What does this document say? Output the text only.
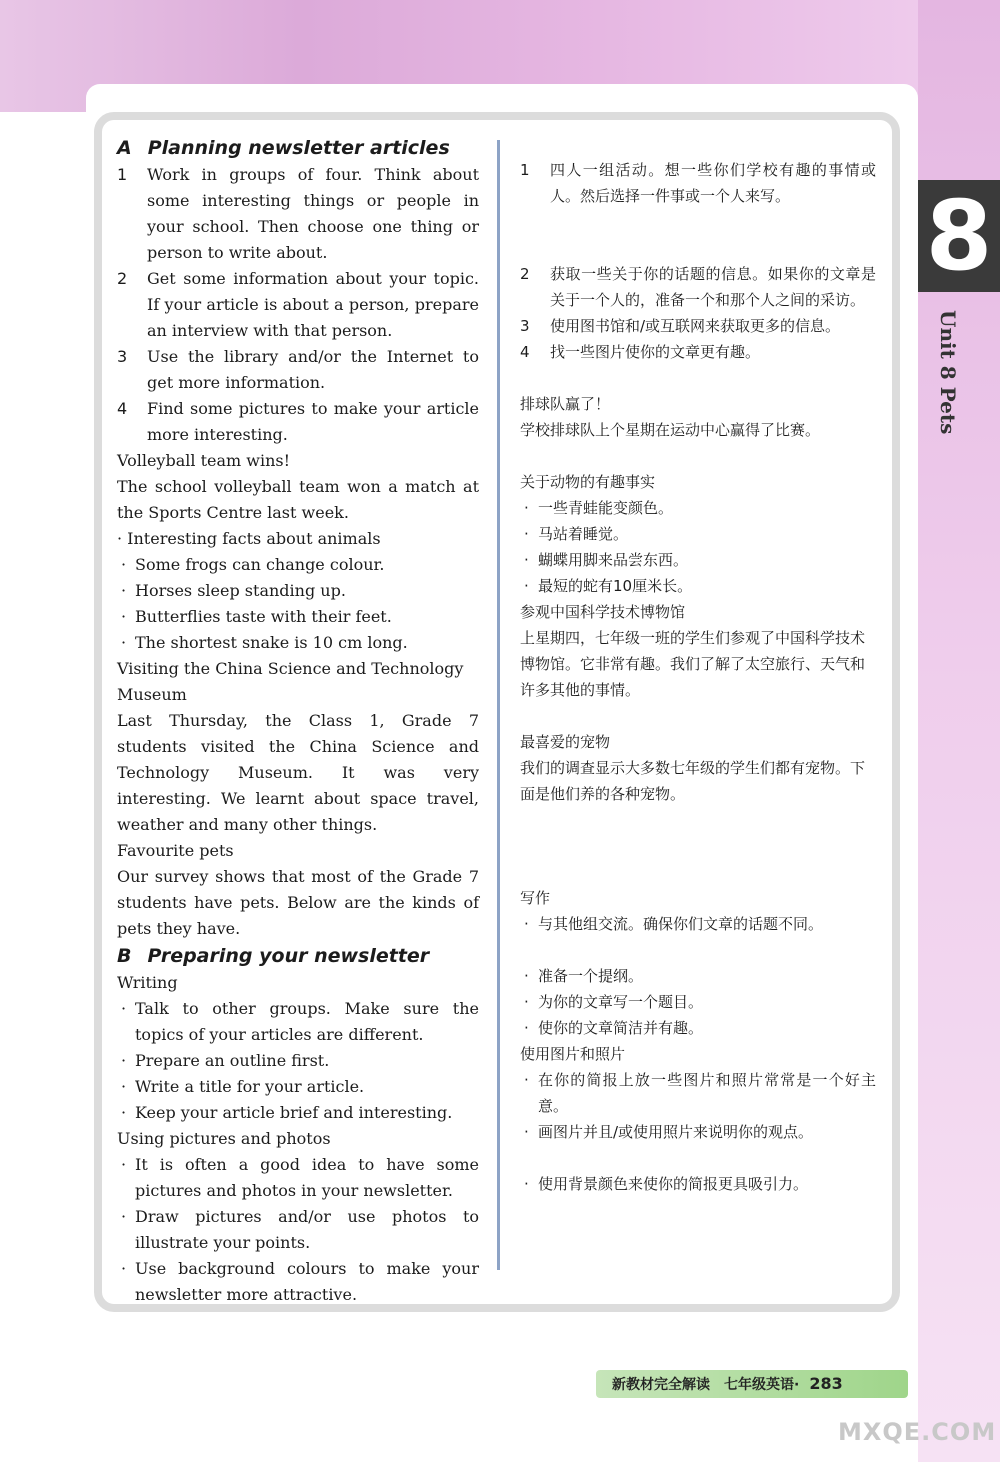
8
Unit 8 Pets
A Planning newsletter articles
1	Work in groups of four. Think about some interesting things or people in your school. Then choose one thing or person to write about.
2	Get some information about your topic. If your article is about a person, prepare an interview with that person.
3	Use the library and/or the Internet to get more information.
4	Find some pictures to make your article more interesting.

Volleyball team wins!

The school volleyball team won a match at the Sports Centre last week.

· Interesting facts about animals

· Some frogs can change colour.
· Horses sleep standing up.
· Butterflies taste with their feet.
· The shortest snake is 10 cm long.

Visiting the China Science and Technology Museum

Last Thursday, the Class 1, Grade 7 students visited the China Science and Technology Museum. It was very interesting. We learnt about space travel, weather and many other things.

Favourite pets

Our survey shows that most of the Grade 7 students have pets. Below are the kinds of pets they have.

B Preparing your newsletter

Writing

· Talk to other groups. Make sure the topics of your articles are different.
· Prepare an outline first.
· Write a title for your article.
· Keep your article brief and interesting.

Using pictures and photos

· It is often a good idea to have some pictures and photos in your newsletter.
· Draw pictures and/or use photos to illustrate your points.
· Use background colours to make your newsletter more attractive.
1	四人一组活动。想一些你们学校有趣的事情或人。然后选择一件事或一个人来写。
2	获取一些关于你的话题的信息。如果你的文章是关于一个人的，准备一个和那个人之间的采访。
3	使用图书馆和/或互联网来获取更多的信息。
4	找一些图片使你的文章更有趣。

排球队赢了！

学校排球队上个星期在运动中心赢得了比赛。

关于动物的有趣事实

· 一些青蛙能变颜色。
· 马站着睡觉。
· 蝴蝶用脚来品尝东西。
· 最短的蛇有10厘米长。

参观中国科学技术博物馆

上星期四，七年级一班的学生们参观了中国科学技术博物馆。它非常有趣。我们了解了太空旅行、天气和许多其他的事情。

最喜爱的宠物

我们的调查显示大多数七年级的学生们都有宠物。下面是他们养的各种宠物。

写作

· 与其他组交流。确保你们文章的话题不同。
· 准备一个提纲。
· 为你的文章写一个题目。
· 使你的文章简洁并有趣。

使用图片和照片

· 在你的简报上放一些图片和照片常常是一个好主意。
· 画图片并且/或使用照片来说明你的观点。
· 使用背景颜色来使你的简报更具吸引力。
新教材完全解读　七年级英语· 283
MXQE.COM
